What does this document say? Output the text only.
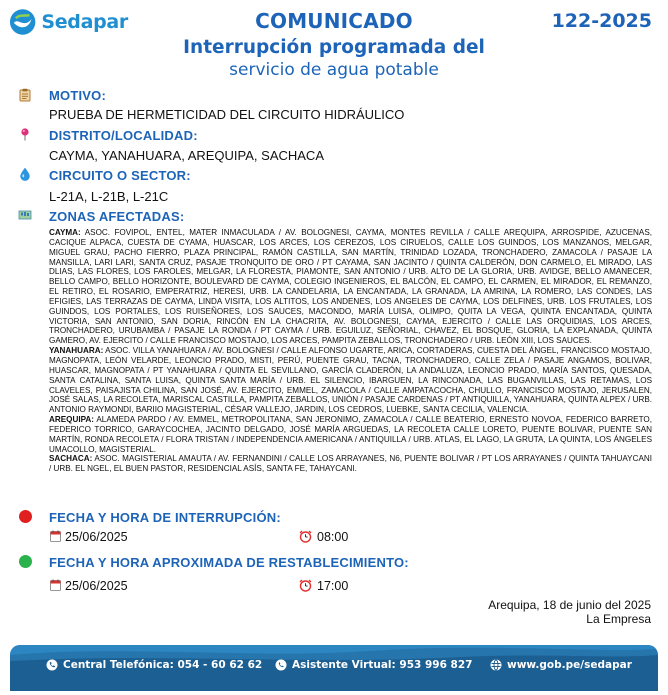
Sedapar	COMUNICADO
Interrupción programada del
servicio de agua potable
122-2025
MOTIVO:
PRUEBA DE HERMETICIDAD DEL CIRCUITO HIDRÁULICO
DISTRITO/LOCALIDAD:
CAYMA, YANAHUARA, AREQUIPA, SACHACA
CIRCUITO O SECTOR:
L-21A, L-21B, L-21C
ZONAS AFECTADAS:

CAYMA: ASOC. FOVIPOL, ENTEL, MATER INMACULADA / AV. BOLOGNESI, CAYMA, MONTES REVILLA / CALLE AREQUIPA, ARROSPIDE, AZUCENAS, CACIQUE ALPACA, CUESTA DE CYAMA, HUASCAR, LOS ARCES, LOS CEREZOS, LOS CIRUELOS, CALLE LOS GUINDOS, LOS MANZANOS, MELGAR, MIGUEL GRAU, PACHO FIERRO, PLAZA PRINCIPAL, RAMÓN CASTILLA, SAN MARTÍN, TRINIDAD LOZADA, TRONCHADERO, ZAMACOLA / PASAJE LA MANSILLA, LARI LARI, SANTA CRUZ, PASAJE TRONQUITO DE ORO / PT CAYAMA, SAN JACINTO / QUINTA CALDERÓN, DON CARMELO, EL MIRADO, LAS DLIAS, LAS FLORES, LOS FAROLES, MELGAR, LA FLORESTA, PIAMONTE, SAN ANTONIO / URB. ALTO DE LA GLORIA, URB. AVIDGE, BELLO AMANECER, BELLO CAMPO, BELLO HORIZONTE, BOULEVARD DE CAYMA, COLEGIO INGENIEROS, EL BALCÓN, EL CAMPO, EL CARMEN, EL MIRADOR, EL REMANZO, EL RETIRO, EL ROSARIO, EMPERATRIZ, HERESI, URB. LA CANDELARIA, LA ENCANTADA, LA GRANADA, LA AMRINA, LA ROMERO, LAS CONDES, LAS EFIGIES, LAS TERRAZAS DE CAYMA, LINDA VISITA, LOS ALTITOS, LOS ANDENES, LOS ANGELES DE CAYMA, LOS DELFINES, URB. LOS FRUTALES, LOS GUINDOS, LOS PORTALES, LOS RUISEÑORES, LOS SAUCES, MACONDO, MARÍA LUISA, OLIMPO, QUITA LA VEGA, QUINTA ENCANTADA, QUINTA VICTORIA, SAN ANTONIO, SAN DORIA, RINCÓN EN LA CHACRITA, AV. BOLOGNESI, CAYMA, EJERCITO / CALLE LAS ORQUIDIAS, LOS ARCES, TRONCHADERO, URUBAMBA / PASAJE LA RONDA / PT CAYMA / URB. EGUILUZ, SEÑORIAL, CHAVEZ, EL BOSQUE, GLORIA, LA EXPLANADA, QUINTA GAMERO, AV. EJERCITO / CALLE FRANCISCO MOSTAJO, LOS ARCES, PAMPITA ZEBALLOS, TRONCHADERO / URB. LEÓN XIII, LOS SAUCES.

YANAHUARA: ASOC. VILLA YANAHUARA / AV. BOLOGNESI / CALLE ALFONSO UGARTE, ARICA, CORTADERAS, CUESTA DEL ÁNGEL, FRANCISCO MOSTAJO, MAGNOPATA, LEÓN VELARDE, LEONCIO PRADO, MISTI, PERÚ, PUENTE GRAU, TACNA, TRONCHADERO, CALLE ZELA / PASAJE ANGAMOS, BOLIVAR, HUASCAR, MAGNOPATA / PT YANAHUARA / QUINTA EL SEVILLANO, GARCÍA CLADERÓN, LA ANDALUZA, LEONCIO PRADO, MARÍA SANTOS, QUESADA, SANTA CATALINA, SANTA LUISA, QUINTA SANTA MARÍA / URB. EL SILENCIO, IBARGUEN, LA RINCONADA, LAS BUGANVILLAS, LAS RETAMAS, LOS CLAVELES, PAISAJISTA CHILINA, SAN JOSÉ, AV. EJERCITO, EMMEL, ZAMACOLA / CALLE AMPATACOCHA, CHULLO, FRANCISCO MOSTAJO, JERUSALEN, JOSÉ SALAS, LA RECOLETA, MARISCAL CASTILLA, PAMPITA ZEBALLOS, UNIÓN / PASAJE CARDENAS / PT ANTIQUILLA, YANAHUARA, QUINTA ALPEX / URB. ANTONIO RAYMONDI, BARIIO MAGISTERIAL, CÉSAR VALLEJO, JARDIN, LOS CEDROS, LUEBKE, SANTA CECILIA, VALENCIA.

AREQUIPA: ALAMEDA PARDO / AV. EMMEL, METROPOLITANA, SAN JERONIMO, ZAMACOLA / CALLE BEATERIO, ERNESTO NOVOA, FEDERICO BARRETO, FEDERICO TORRICO, GARAYCOCHEA, JACINTO DELGADO, JOSÉ MARÍA ARGUEDAS, LA RECOLETA CALLE LORETO, PUENTE BOLIVAR, PUENTE SAN MARTÍN, RONDA RECOLETA / FLORA TRISTAN / INDEPENDENCIA AMERICANA / ANTIQUILLA / URB. ATLAS, EL LAGO, LA GRUTA, LA QUINTA, LOS ÁNGELES UMACOLLO, MAGISTERIAL.

SACHACA: ASOC. MAGISTERIAL AMAUTA / AV. FERNANDINI / CALLE LOS ARRAYANES, N6, PUENTE BOLIVAR / PT LOS ARRAYANES / QUINTA TAHUAYCANI / URB. EL NGEL, EL BUEN PASTOR, RESIDENCIAL ASÍS, SANTA FE, TAHAYCANI.

FECHA Y HORA DE INTERRUPCIÓN:
25/06/2025	08:00
FECHA Y HORA APROXIMADA DE RESTABLECIMIENTO:
25/06/2025	17:00
Arequipa, 18 de junio del 2025
La Empresa
Central Telefónica: 054 - 60 62 62	Asistente Virtual: 953 996 827	www.gob.pe/sedapar
